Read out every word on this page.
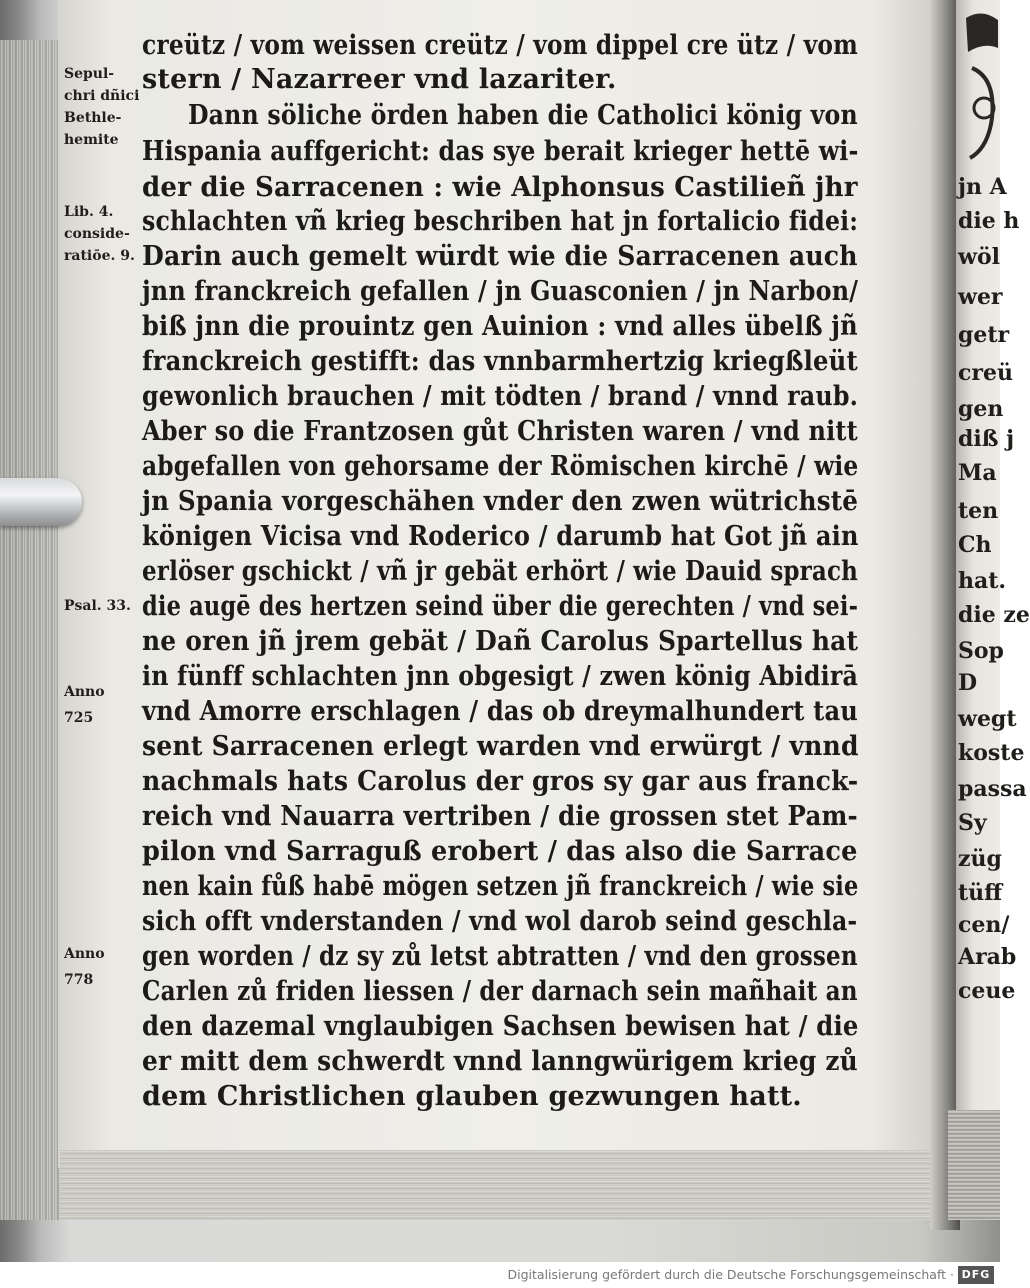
creütz / vom weissen creütz / vom dippel cre ütz / vom
stern / Nazarreer vnd lazariter.
Dann söliche örden haben die Catholici könig von
Hispania auffgericht: das sye berait krieger hettē wi-
der die Sarracenen : wie Alphonsus Castilieñ jhr
schlachten vñ krieg beschriben hat jn fortalicio fidei:
Darin auch gemelt würdt wie die Sarracenen auch
jnn franckreich gefallen / jn Guasconien / jn Narbon/
biß jnn die prouintz gen Auinion : vnd alles übelß jñ
franckreich gestifft: das vnnbarmhertzig kriegßleüt
gewonlich brauchen / mit tödten / brand / vnnd raub.
Aber so die Frantzosen gůt Christen waren / vnd nitt
abgefallen von gehorsame der Römischen kirchē / wie
jn Spania vorgeschähen vnder den zwen wütrichstē
königen Vicisa vnd Roderico / darumb hat Got jñ ain
erlöser gschickt / vñ jr gebät erhört / wie Dauid sprach
die augē des hertzen seind über die gerechten / vnd sei-
ne oren jñ jrem gebät / Dañ Carolus Spartellus hat
in fünff schlachten jnn obgesigt / zwen könig Abidirā
vnd Amorre erschlagen / das ob dreymalhundert tau
sent Sarracenen erlegt warden vnd erwürgt / vnnd
nachmals hats Carolus der gros sy gar aus franck-
reich vnd Nauarra vertriben / die grossen stet Pam-
pilon vnd Sarraguß erobert / das also die Sarrace
nen kain fůß habē mögen setzen jñ franckreich / wie sie
sich offt vnderstanden / vnd wol darob seind geschla-
gen worden / dz sy zů letst abtratten / vnd den grossen
Carlen zů friden liessen / der darnach sein mañhait an
den dazemal vnglaubigen Sachsen bewisen hat / die
er mitt dem schwerdt vnnd lanngwürigem krieg zů
dem Christlichen glauben gezwungen hatt.
Sepul-
chri dñici
Bethle-
hemite
Lib. 4.
conside-
ratiōe. 9.
Psal. 33.
Anno
725
Anno
778
jn A
die h
wöl
wer
getr
creü
gen
diß j
Ma
ten
Ch
hat.
die ze
Sop
D
wegt
koste
passa
Sy
züg
tüff
cen/
Arab
ceue
Digitalisierung gefördert durch die Deutsche Forschungsgemeinschaft · DFG
